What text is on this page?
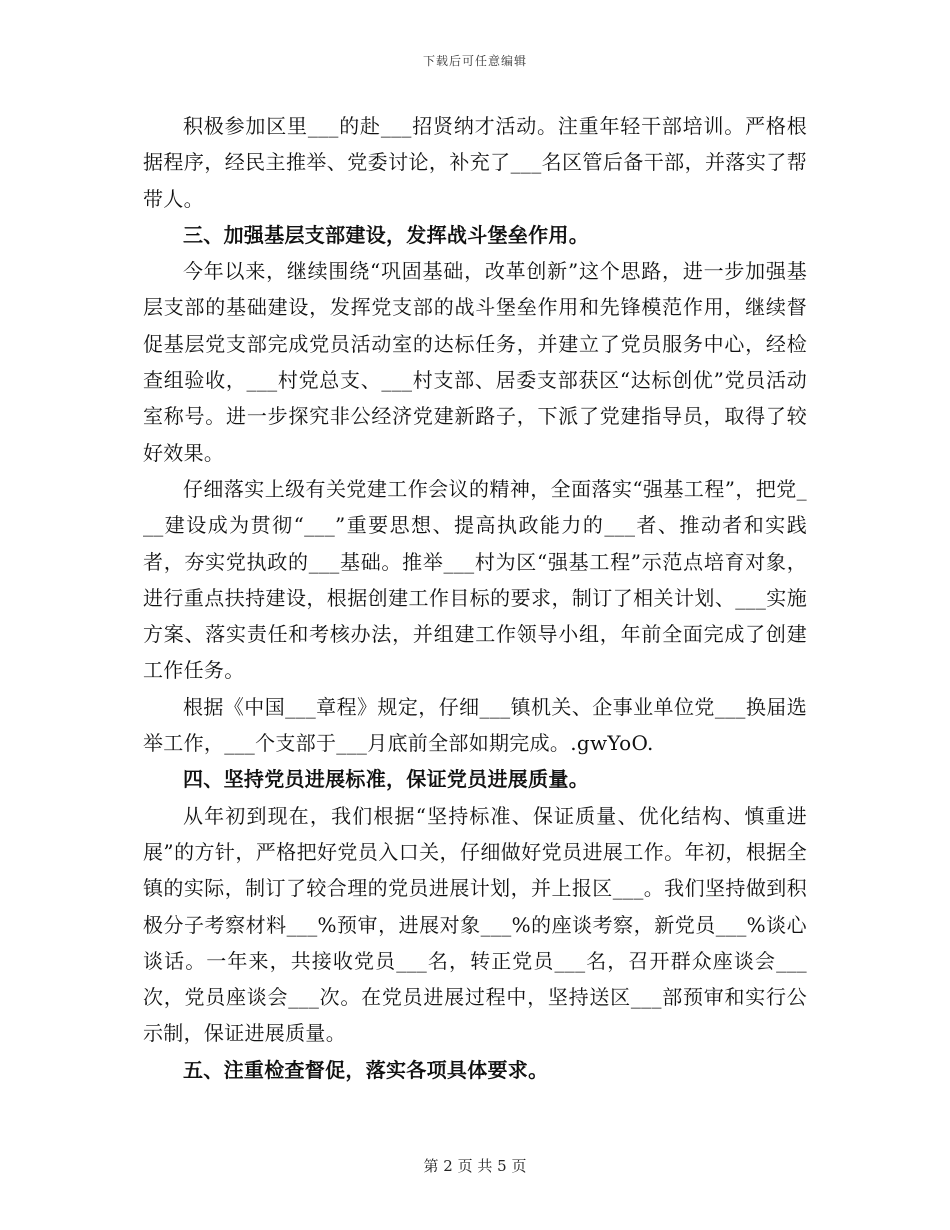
下载后可任意编辑

积极参加区里___的赴___招贤纳才活动。注重年轻干部培训。严格根据程序，经民主推举、党委讨论，补充了___名区管后备干部，并落实了帮带人。

三、加强基层支部建设，发挥战斗堡垒作用。

今年以来，继续围绕“巩固基础，改革创新”这个思路，进一步加强基层支部的基础建设，发挥党支部的战斗堡垒作用和先锋模范作用，继续督促基层党支部完成党员活动室的达标任务，并建立了党员服务中心，经检查组验收，___村党总支、___村支部、居委支部获区“达标创优”党员活动室称号。进一步探究非公经济党建新路子，下派了党建指导员，取得了较好效果。

仔细落实上级有关党建工作会议的精神，全面落实“强基工程”，把党___建设成为贯彻“___”重要思想、提高执政能力的___者、推动者和实践者，夯实党执政的___基础。推举___村为区“强基工程”示范点培育对象，进行重点扶持建设，根据创建工作目标的要求，制订了相关计划、___实施方案、落实责任和考核办法，并组建工作领导小组，年前全面完成了创建工作任务。

根据《中国___章程》规定，仔细___镇机关、企事业单位党___换届选举工作，___个支部于___月底前全部如期完成。.gwYoO.

四、坚持党员进展标准，保证党员进展质量。

从年初到现在，我们根据“坚持标准、保证质量、优化结构、慎重进展”的方针，严格把好党员入口关，仔细做好党员进展工作。年初，根据全镇的实际，制订了较合理的党员进展计划，并上报区___。我们坚持做到积极分子考察材料___%预审，进展对象___%的座谈考察，新党员___%谈心谈话。一年来，共接收党员___名，转正党员___名，召开群众座谈会___次，党员座谈会___次。在党员进展过程中，坚持送区___部预审和实行公示制，保证进展质量。

五、注重检查督促，落实各项具体要求。

第 2 页 共 5 页
